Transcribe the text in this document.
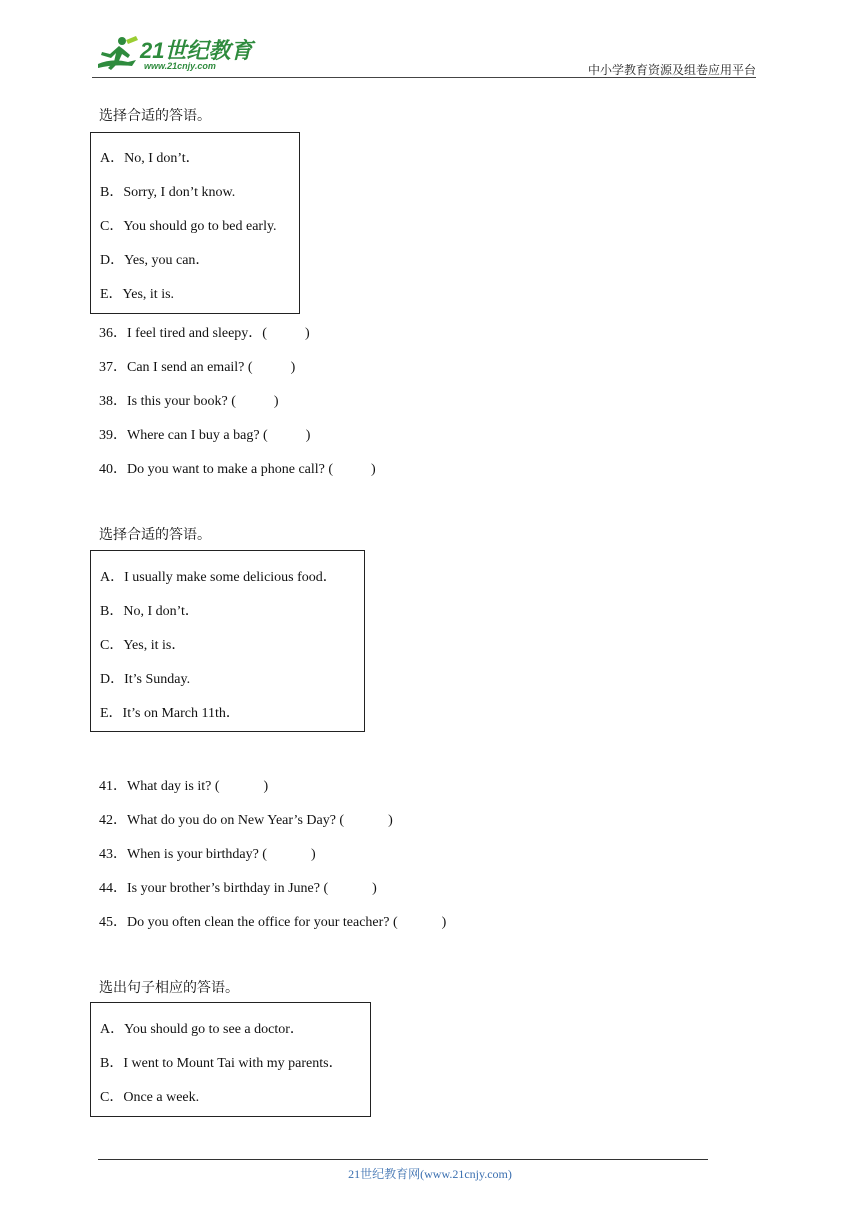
21世纪教育
www.21cnjy.com	中小学教育资源及组卷应用平台
选择合适的答语。
A．No, I don’t．
B．Sorry, I don’t know.
C．You should go to bed early.
D．Yes, you can．
E．Yes, it is.
36．I feel tired and sleepy．(	)
37．Can I send an email? (	)
38．Is this your book? (	)
39．Where can I buy a bag? (	)
40．Do you want to make a phone call? (	)
选择合适的答语。
A．I usually make some delicious food．
B．No, I don’t．
C．Yes, it is．
D．It’s Sunday.
E．It’s on March 11th．
41．What day is it? (	)
42．What do you do on New Year’s Day? (	)
43．When is your birthday? (	)
44．Is your brother’s birthday in June? (	)
45．Do you often clean the office for your teacher? (	)
选出句子相应的答语。
A．You should go to see a doctor．
B．I went to Mount Tai with my parents．
C．Once a week.
21世纪教育网(www.21cnjy.com)
